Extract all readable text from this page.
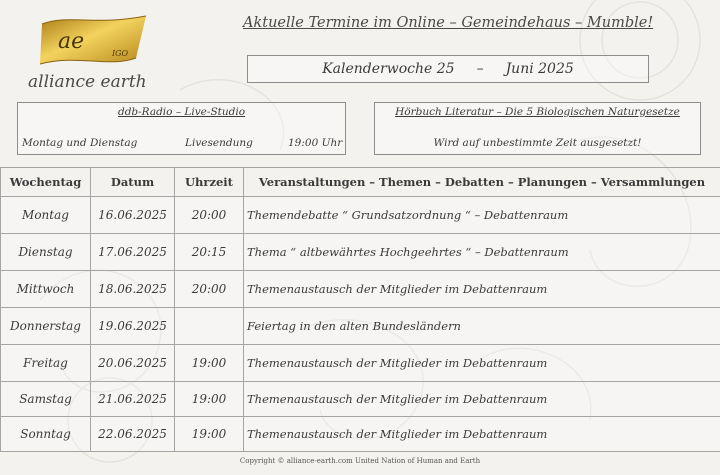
ae	IGO
alliance earth
Aktuelle Termine im Online – Gemeindehaus – Mumble!
Kalenderwoche 25 – Juni 2025
ddb-Radio – Live-Studio
Montag und Dienstag	Livesendung	19:00 Uhr
Hörbuch Literatur – Die 5 Biologischen Naturgesetze
Wird auf unbestimmte Zeit ausgesetzt!
Wochentag	Datum	Uhrzeit	Veranstaltungen – Themen – Debatten – Planungen – Versammlungen
Montag	16.06.2025	20:00	Themendebatte “ Grundsatzordnung “ – Debattenraum
Dienstag	17.06.2025	20:15	Thema “ altbewährtes Hochgeehrtes “ – Debattenraum
Mittwoch	18.06.2025	20:00	Themenaustausch der Mitglieder im Debattenraum
Donnerstag	19.06.2025		Feiertag in den alten Bundesländern
Freitag	20.06.2025	19:00	Themenaustausch der Mitglieder im Debattenraum
Samstag	21.06.2025	19:00	Themenaustausch der Mitglieder im Debattenraum
Sonntag	22.06.2025	19:00	Themenaustausch der Mitglieder im Debattenraum
Copyright © alliance-earth.com United Nation of Human and Earth
